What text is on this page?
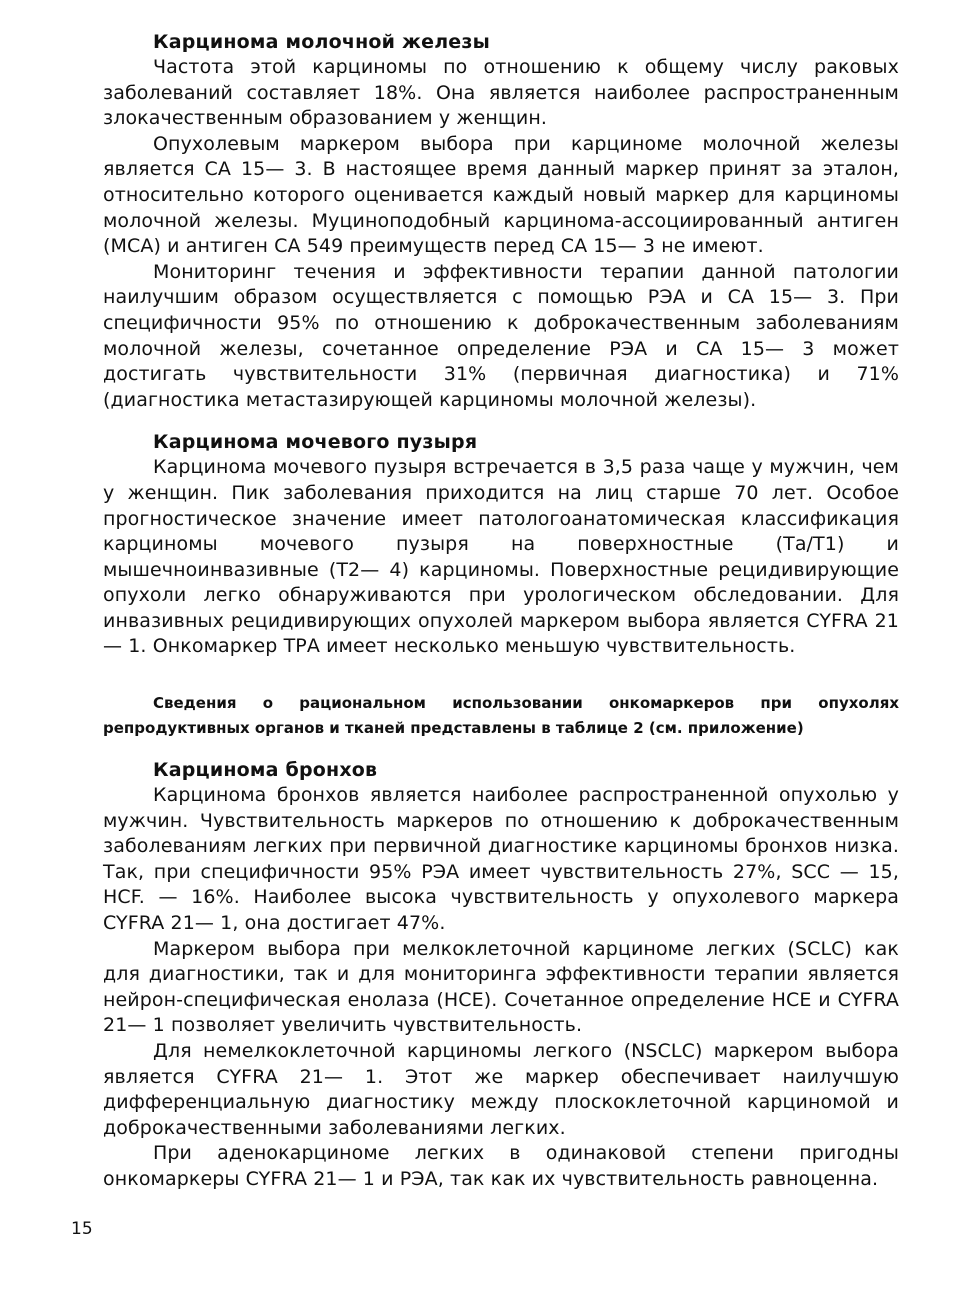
Карцинома молочной железы

Частота этой карциномы по отношению к общему числу раковых заболеваний составляет 18%. Она является наиболее распространенным злокачественным образованием у женщин.

Опухолевым маркером выбора при карциноме молочной железы является СА 15— 3. В настоящее время данный маркер принят за эталон, относительно которого оценивается каждый новый маркер для карциномы молочной железы. Муциноподобный карцинома-ассоциированный антиген (MCA) и антиген СА 549 преимуществ перед СА 15— 3 не имеют.

Мониторинг течения и эффективности терапии данной патологии наилучшим образом осуществляется с помощью РЭА и СА 15— 3. При специфичности 95% по отношению к доброкачественным заболеваниям молочной железы, сочетанное определение РЭА и СА 15— 3 может достигать чувствительности 31% (первичная диагностика) и 71% (диагностика метастазирующей карциномы молочной железы).

Карцинома мочевого пузыря

Карцинома мочевого пузыря встречается в 3,5 раза чаще у мужчин, чем у женщин. Пик заболевания приходится на лиц старше 70 лет. Особое прогностическое значение имеет патологоанатомическая классификация карциномы мочевого пузыря на поверхностные (Та/Т1) и мышечноинвазивные (Т2— 4) карциномы. Поверхностные рецидивирующие опухоли легко обнаруживаются при урологическом обследовании. Для инвазивных рецидивирующих опухолей маркером выбора является CYFRA 21— 1. Онкомаркер ТРА имеет несколько меньшую чувствительность.

Сведения о рациональном использовании онкомаркеров при опухолях репродуктивных органов и тканей представлены в таблице 2 (см. приложение)

Карцинома бронхов

Карцинома бронхов является наиболее распространенной опухолью у мужчин. Чувствительность маркеров по отношению к доброкачественным заболеваниям легких при первичной диагностике карциномы бронхов низка. Так, при специфичности 95% РЭА имеет чувствительность 27%, SCC — 15, НСF. — 16%. Наиболее высока чувствительность у опухолевого маркера CYFRA 21— 1, она достигает 47%.

Маркером выбора при мелкоклеточной карциноме легких (SCLC) как для диагностики, так и для мониторинга эффективности терапии является нейрон-специфическая енолаза (НСЕ). Сочетанное определение НСЕ и CYFRA 21— 1 позволяет увеличить чувствительность.

Для немелкоклеточной карциномы легкого (NSCLC) маркером выбора является CYFRA 21— 1. Этот же маркер обеспечивает наилучшую дифференциальную диагностику между плоскоклеточной карциномой и доброкачественными заболеваниями легких.

При аденокарциноме легких в одинаковой степени пригодны онкомаркеры CYFRA 21— 1 и РЭА, так как их чувствительность равноценна.

15
